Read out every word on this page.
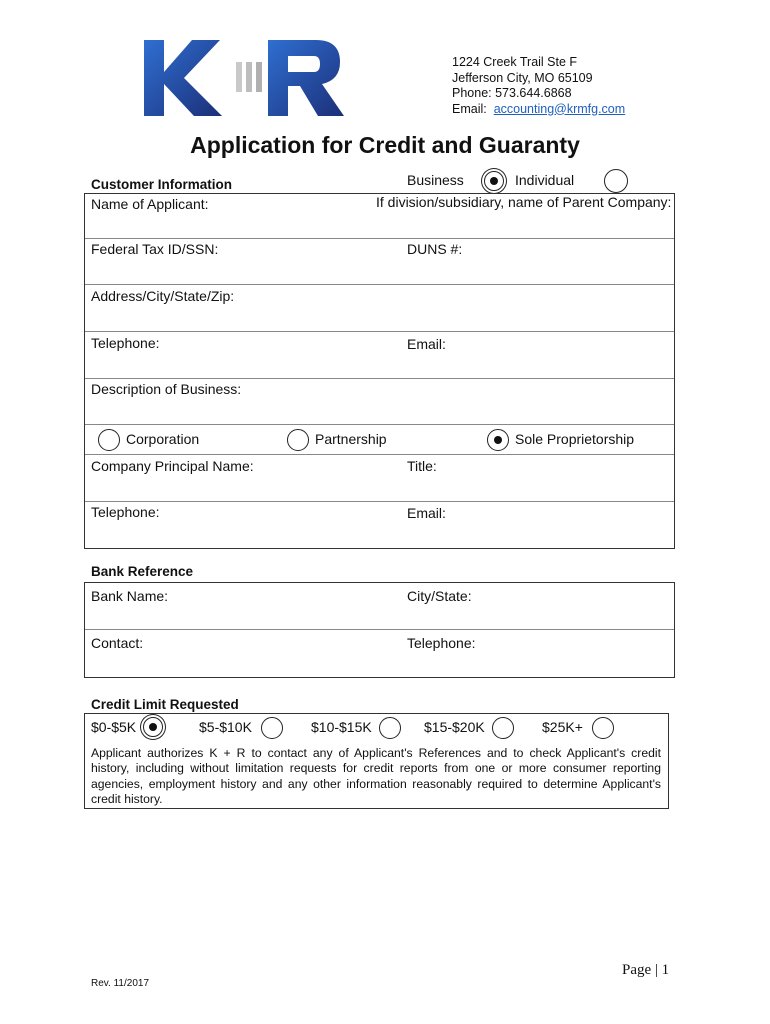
1224 Creek Trail Ste F
Jefferson City, MO 65109
Phone: 573.644.6868
Email: accounting@krmfg.com
Application for Credit and Guaranty
Customer Information	Business	Individual
Name of Applicant:	If division/subsidiary, name of Parent Company:
Federal Tax ID/SSN:	DUNS #:
Address/City/State/Zip:
Telephone:	Email:
Description of Business:
Corporation	Partnership	Sole Proprietorship
Company Principal Name:	Title:
Telephone:	Email:
Bank Reference
Bank Name:	City/State:
Contact:	Telephone:
Credit Limit Requested
$0-$5K	$5-$10K	$10-$15K	$15-$20K	$25K+
Applicant authorizes K + R to contact any of Applicant's References and to check Applicant's credit history, including without limitation requests for credit reports from one or more consumer reporting agencies, employment history and any other information reasonably required to determine Applicant's credit history.
Page | 1
Rev. 11/2017
